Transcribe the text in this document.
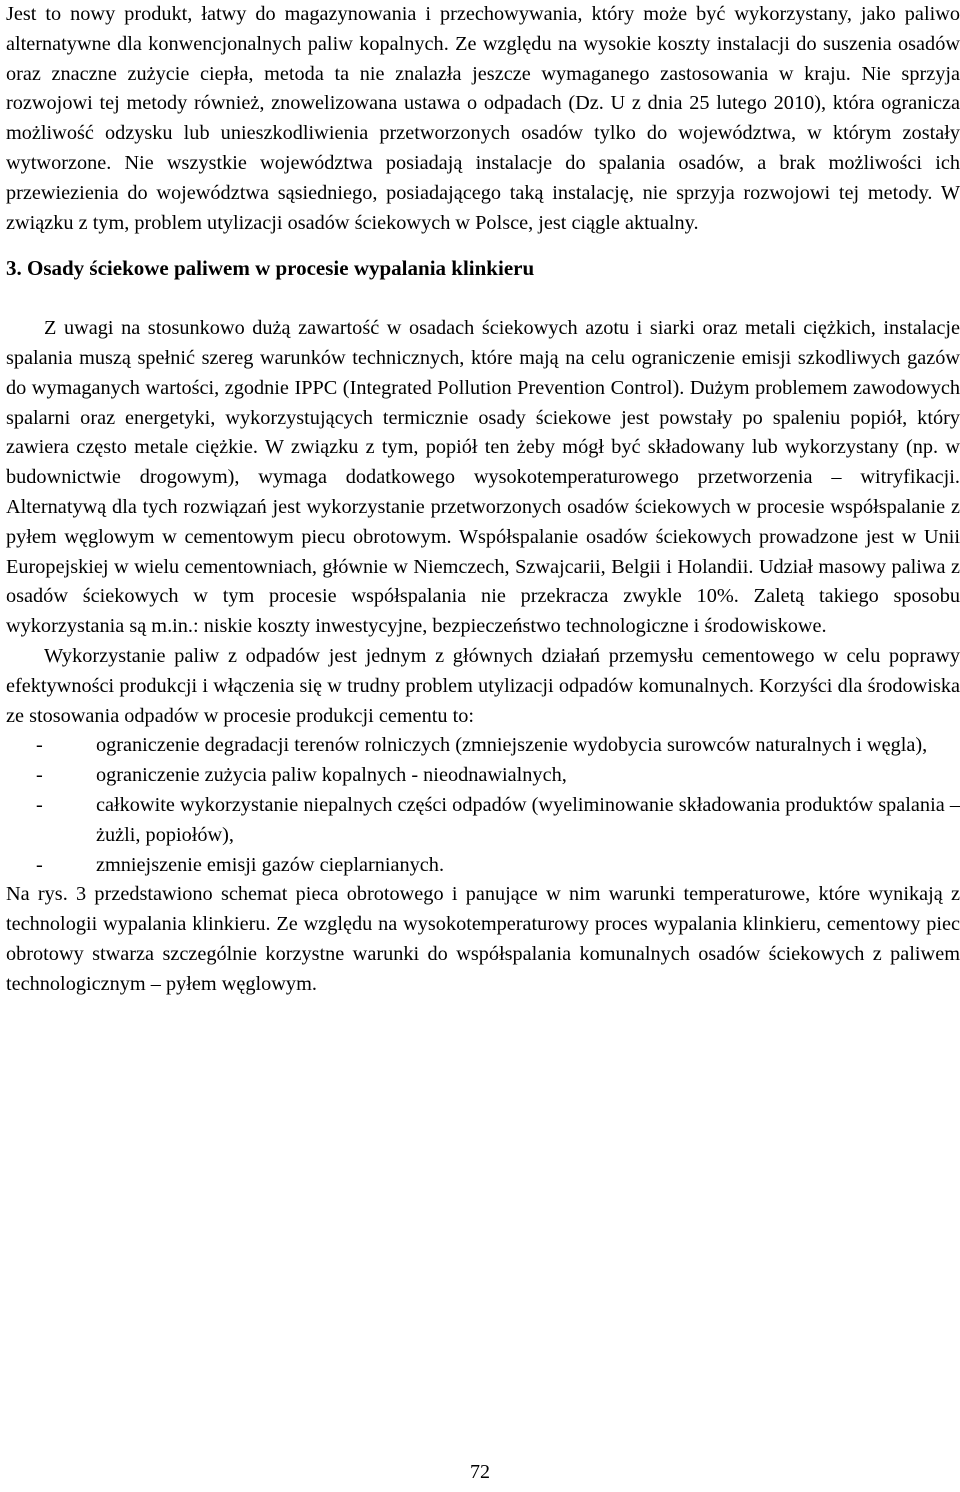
Jest to nowy produkt, łatwy do magazynowania i przechowywania, który może być wykorzystany, jako paliwo alternatywne dla konwencjonalnych paliw kopalnych. Ze względu na wysokie koszty instalacji do suszenia osadów oraz znaczne zużycie ciepła, metoda ta nie znalazła jeszcze wymaganego zastosowania w kraju. Nie sprzyja rozwojowi tej metody również, znowelizowana ustawa o odpadach (Dz. U z dnia 25 lutego 2010), która ogranicza możliwość odzysku lub unieszkodliwienia przetworzonych osadów tylko do województwa, w którym zostały wytworzone. Nie wszystkie województwa posiadają instalacje do spalania osadów, a brak możliwości ich przewiezienia do województwa sąsiedniego, posiadającego taką instalację, nie sprzyja rozwojowi tej metody. W związku z tym, problem utylizacji osadów ściekowych w Polsce, jest ciągle aktualny.

3. Osady ściekowe paliwem w procesie wypalania klinkieru

Z uwagi na stosunkowo dużą zawartość w osadach ściekowych azotu i siarki oraz metali ciężkich, instalacje spalania muszą spełnić szereg warunków technicznych, które mają na celu ograniczenie emisji szkodliwych gazów do wymaganych wartości, zgodnie IPPC (Integrated Pollution Prevention Control). Dużym problemem zawodowych spalarni oraz energetyki, wykorzystujących termicznie osady ściekowe jest powstały po spaleniu popiół, który zawiera często metale ciężkie. W związku z tym, popiół ten żeby mógł być składowany lub wykorzystany (np. w budownictwie drogowym), wymaga dodatkowego wysokotemperaturowego przetworzenia – witryfikacji. Alternatywą dla tych rozwiązań jest wykorzystanie przetworzonych osadów ściekowych w procesie współspalanie z pyłem węglowym w cementowym piecu obrotowym. Współspalanie osadów ściekowych prowadzone jest w Unii Europejskiej w wielu cementowniach, głównie w Niemczech, Szwajcarii, Belgii i Holandii. Udział masowy paliwa z osadów ściekowych w tym procesie współspalania nie przekracza zwykle 10%. Zaletą takiego sposobu wykorzystania są m.in.: niskie koszty inwestycyjne, bezpieczeństwo technologiczne i środowiskowe.

Wykorzystanie paliw z odpadów jest jednym z głównych działań przemysłu cementowego w celu poprawy efektywności produkcji i włączenia się w trudny problem utylizacji odpadów komunalnych. Korzyści dla środowiska ze stosowania odpadów w procesie produkcji cementu to:

-	ograniczenie degradacji terenów rolniczych (zmniejszenie wydobycia surowców naturalnych i węgla),
-	ograniczenie zużycia paliw kopalnych - nieodnawialnych,
-	całkowite wykorzystanie niepalnych części odpadów (wyeliminowanie składowania produktów spalania – żużli, popiołów),
-	zmniejszenie emisji gazów cieplarnianych.

Na rys. 3 przedstawiono schemat pieca obrotowego i panujące w nim warunki temperaturowe, które wynikają z technologii wypalania klinkieru. Ze względu na wysokotemperaturowy proces wypalania klinkieru, cementowy piec obrotowy stwarza szczególnie korzystne warunki do współspalania komunalnych osadów ściekowych z paliwem technologicznym – pyłem węglowym.

72
